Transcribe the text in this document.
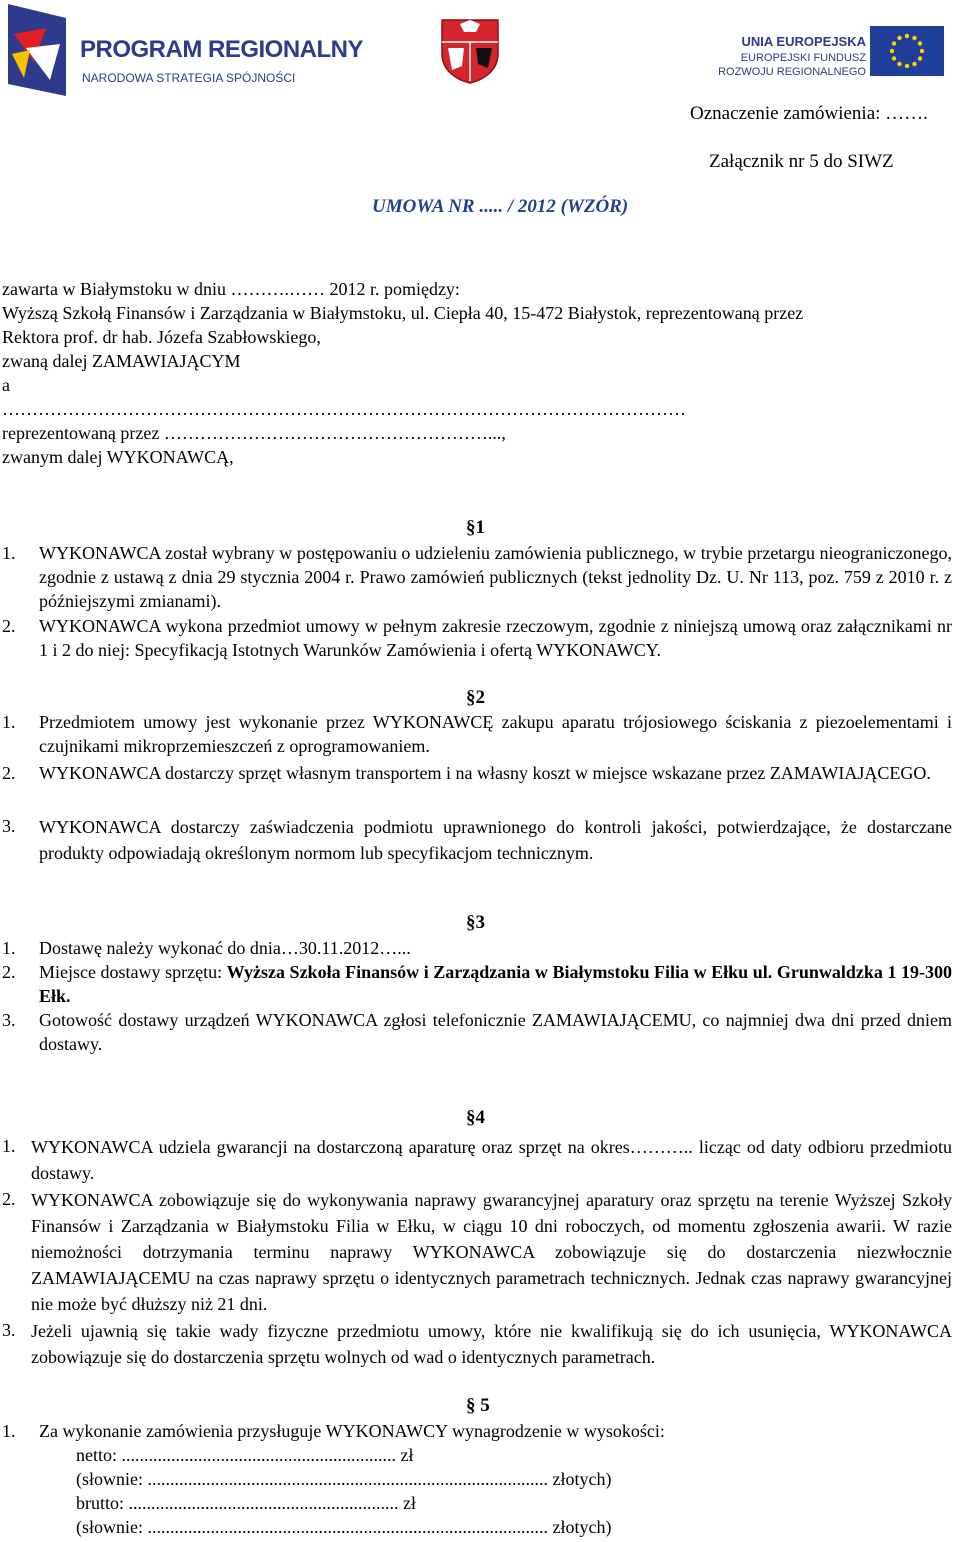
PROGRAM REGIONALNY
NARODOWA STRATEGIA SPÓJNOŚCI
UNIA EUROPEJSKA
EUROPEJSKI FUNDUSZ
ROZWOJU REGIONALNEGO
Oznaczenie zamówienia: …….
Załącznik nr 5 do SIWZ
UMOWA NR ..... / 2012 (WZÓR)
zawarta w Białymstoku w dniu ……….…… 2012 r. pomiędzy:
Wyższą Szkołą Finansów i Zarządzania w Białymstoku, ul. Ciepła 40, 15-472 Białystok, reprezentowaną przez
Rektora prof. dr hab. Józefa Szabłowskiego,
zwaną dalej ZAMAWIAJĄCYM
a
……………………………………………………………………………………………………
reprezentowaną przez ………………………………………………...,
zwanym dalej WYKONAWCĄ,
§1
1. WYKONAWCA został wybrany w postępowaniu o udzieleniu zamówienia publicznego, w trybie przetargu nieograniczonego, zgodnie z ustawą z dnia 29 stycznia 2004 r. Prawo zamówień publicznych (tekst jednolity Dz. U. Nr 113, poz. 759 z 2010 r. z późniejszymi zmianami).
2. WYKONAWCA wykona przedmiot umowy w pełnym zakresie rzeczowym, zgodnie z niniejszą umową oraz załącznikami nr 1 i 2 do niej: Specyfikacją Istotnych Warunków Zamówienia i ofertą WYKONAWCY.
§2
1. Przedmiotem umowy jest wykonanie przez WYKONAWCĘ zakupu aparatu trójosiowego ściskania z piezoelementami i czujnikami mikroprzemieszczeń z oprogramowaniem.
2. WYKONAWCA dostarczy sprzęt własnym transportem i na własny koszt w miejsce wskazane przez ZAMAWIAJĄCEGO.
3. WYKONAWCA dostarczy zaświadczenia podmiotu uprawnionego do kontroli jakości, potwierdzające, że dostarczane produkty odpowiadają określonym normom lub specyfikacjom technicznym.
§3
1. Dostawę należy wykonać do dnia…30.11.2012…...
2. Miejsce dostawy sprzętu: Wyższa Szkoła Finansów i Zarządzania w Białymstoku Filia w Ełku ul. Grunwaldzka 1 19-300 Ełk.
3. Gotowość dostawy urządzeń WYKONAWCA zgłosi telefonicznie ZAMAWIAJĄCEMU, co najmniej dwa dni przed dniem dostawy.
§4
1. WYKONAWCA udziela gwarancji na dostarczoną aparaturę oraz sprzęt na okres……….. licząc od daty odbioru przedmiotu dostawy.
2. WYKONAWCA zobowiązuje się do wykonywania naprawy gwarancyjnej aparatury oraz sprzętu na terenie Wyższej Szkoły Finansów i Zarządzania w Białymstoku Filia w Ełku, w ciągu 10 dni roboczych, od momentu zgłoszenia awarii. W razie niemożności dotrzymania terminu naprawy WYKONAWCA zobowiązuje się do dostarczenia niezwłocznie ZAMAWIAJĄCEMU na czas naprawy sprzętu o identycznych parametrach technicznych. Jednak czas naprawy gwarancyjnej nie może być dłuższy niż 21 dni.
3. Jeżeli ujawnią się takie wady fizyczne przedmiotu umowy, które nie kwalifikują się do ich usunięcia, WYKONAWCA zobowiązuje się do dostarczenia sprzętu wolnych od wad o identycznych parametrach.
§ 5
1. Za wykonanie zamówienia przysługuje WYKONAWCY wynagrodzenie w wysokości:
netto: ............................................................. zł
(słownie: ......................................................................................... złotych)
brutto: ............................................................ zł
(słownie: ......................................................................................... złotych)
